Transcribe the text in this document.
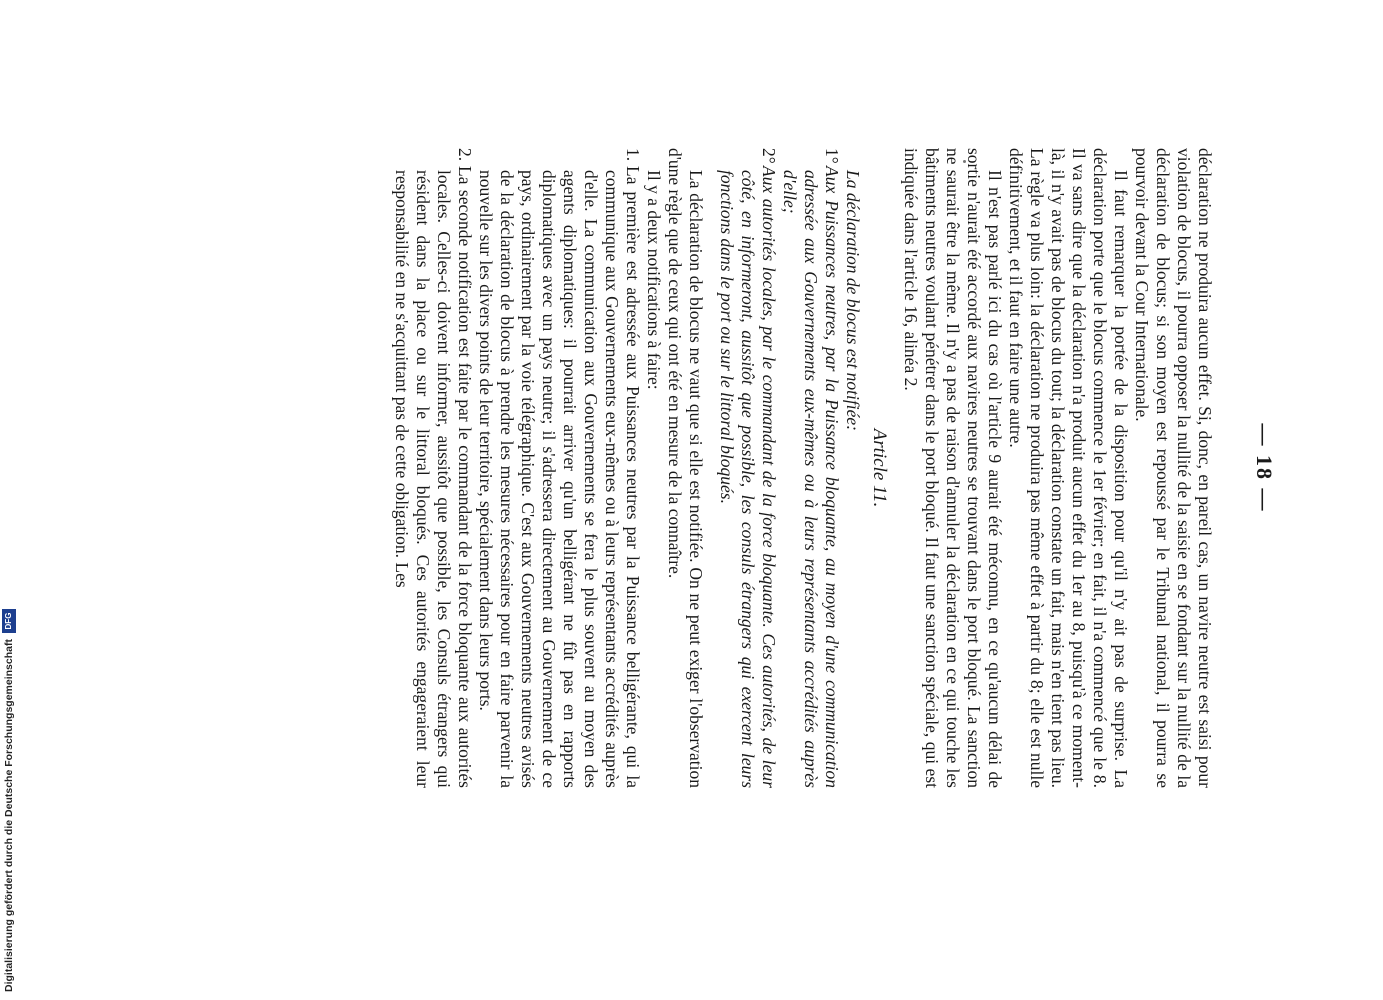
— 18 —

déclaration ne produira aucun effet. Si, donc, en pareil cas, un navire neutre est saisi pour violation de blocus, il pourra opposer la nullité de la saisie en se fondant sur la nullité de la déclaration de blocus; si son moyen est repoussé par le Tribunal national, il pourra se pourvoir devant la Cour Internationale.

Il faut remarquer la portée de la disposition pour qu'il n'y ait pas de surprise. La déclaration porte que le blocus commence le 1er février; en fait, il n'a commencé que le 8. Il va sans dire que la déclaration n'a produit aucun effet du 1er au 8, puisqu'à ce moment-là, il n'y avait pas de blocus du tout; la déclaration constate un fait, mais n'en tient pas lieu. La règle va plus loin: la déclaration ne produira pas même effet à partir du 8; elle est nulle définitivement, et il faut en faire une autre.

Il n'est pas parlé ici du cas où l'article 9 aurait été méconnu, en ce qu'aucun délai de sortie n'aurait été accordé aux navires neutres se trouvant dans le port bloqué. La sanction ne saurait être la même. Il n'y a pas de raison d'annuler la déclaration en ce qui touche les bâtiments neutres voulant pénétrer dans le port bloqué. Il faut une sanction spéciale, qui est indiquée dans l'article 16, alinéa 2.

Article 11.

La déclaration de blocus est notifiée:

1°Aux Puissances neutres, par la Puissance bloquante, au moyen d'une communication adressée aux Gouvernements eux-mêmes ou à leurs représentants accrédités auprès d'elle;

2°Aux autorités locales, par le commandant de la force bloquante. Ces autorités, de leur côté, en informeront, aussitôt que possible, les consuls étrangers qui exercent leurs fonctions dans le port ou sur le littoral bloqués.

La déclaration de blocus ne vaut que si elle est notifiée. On ne peut exiger l'observation d'une règle que de ceux qui ont été en mesure de la connaître.

Il y a deux notifications à faire:

1.La première est adressée aux Puissances neutres par la Puissance belligérante, qui la communique aux Gouvernements eux-mêmes ou à leurs représentants accrédités auprès d'elle. La communication aux Gouvernements se fera le plus souvent au moyen des agents diplomatiques: il pourrait arriver qu'un belligérant ne fût pas en rapports diplomatiques avec un pays neutre; il s'adressera directement au Gouvernement de ce pays, ordinairement par la voie télégraphique. C'est aux Gouvernements neutres avisés de la déclaration de blocus à prendre les mesures nécessaires pour en faire parvenir la nouvelle sur les divers points de leur territoire, spécialement dans leurs ports.

2.La seconde notification est faite par le commandant de la force bloquante aux autorités locales. Celles-ci doivent informer, aussitôt que possible, les Consuls étrangers qui résident dans la place ou sur le littoral bloqués. Ces autorités engageraient leur responsabilité en ne s'acquittant pas de cette obligation. Les

Digitalisierung gefördert durch die Deutsche Forschungsgemeinschaft
DFG
